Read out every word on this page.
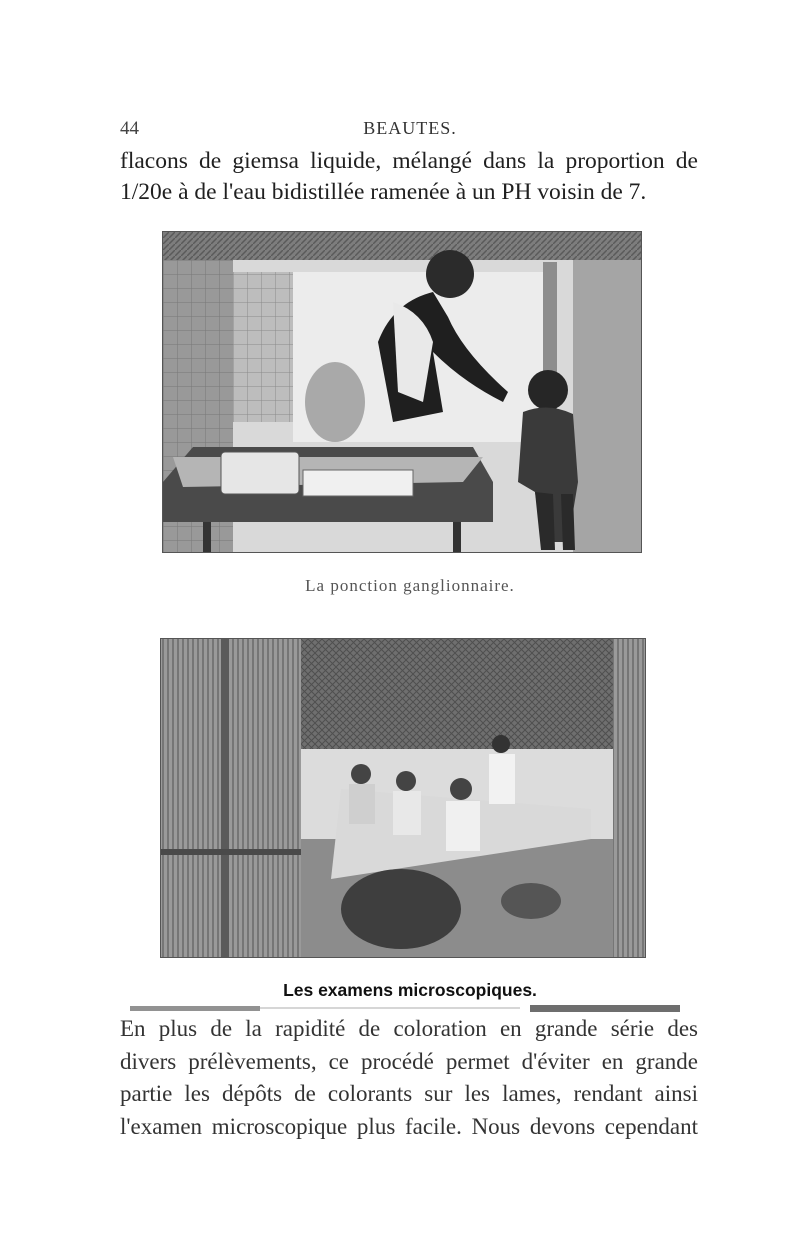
44	BEAUTES.
flacons de giemsa liquide, mélangé dans la proportion de
1/20e à de l'eau bidistillée ramenée à un PH voisin de 7.
La ponction ganglionnaire.
Les examens microscopiques.
En plus de la rapidité de coloration en grande série des
divers prélèvements, ce procédé permet d'éviter en grande
partie les dépôts de colorants sur les lames, rendant ainsi
l'examen microscopique plus facile. Nous devons cependant
